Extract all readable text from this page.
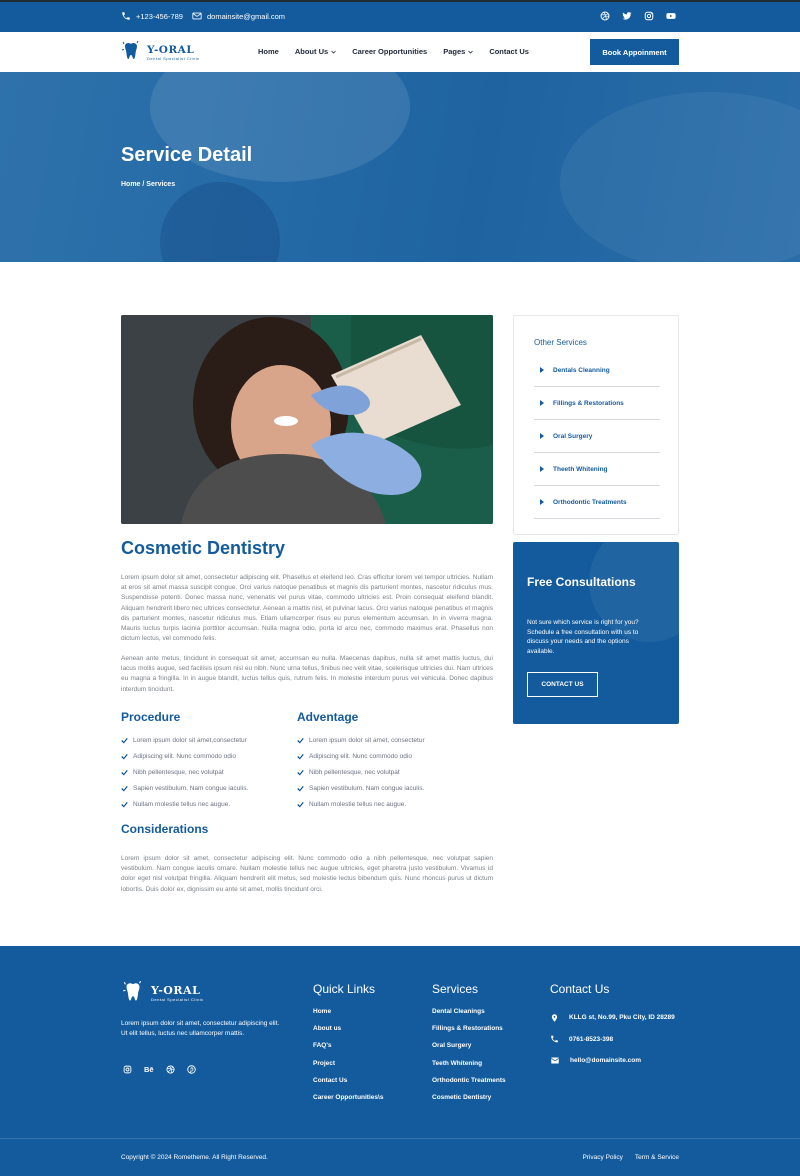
+123-456-789	domainsite@gmail.com
Y-ORAL
Dental Specialist Clinic
Home About Us	Career Opportunities Pages	Contact Us	Book Appoinment
Service Detail
Home / Services
Cosmetic Dentistry
Lorem ipsum dolor sit amet, consectetur adipiscing elit. Phasellus et eleifend leo. Cras efficitur lorem vel tempor ultricies. Nullam at eros sit amet massa suscipit congue. Orci varius natoque penatibus et magnis dis parturient montes, nascetur ridiculus mus. Suspendisse potenti. Donec massa nunc, venenatis vel purus vitae, commodo ultricies est. Proin consequat eleifend blandit. Aliquam hendrerit libero nec ultrices consectetur. Aenean a mattis nisl, et pulvinar lacus. Orci varius natoque penatibus et magnis dis parturient montes, nascetur ridiculus mus. Etiam ullamcorper risus eu purus elementum accumsan. In in viverra magna. Mauris luctus turpis lacinia porttitor accumsan. Nulla magna odio, porta id arcu nec, commodo maximus erat. Phasellus non dictum lectus, vel commodo felis.
Aenean ante metus, tincidunt in consequat sit amet, accumsan eu nulla. Maecenas dapibus, nulla sit amet mattis luctus, dui lacus mollis augue, sed facilisis ipsum nisl eu nibh. Nunc urna tellus, finibus nec velit vitae, scelerisque ultricies dui. Nam ultrices eu magna a fringilla. In in augue blandit, luctus tellus quis, rutrum felis. In molestie interdum purus vel vehicula. Donec dapibus interdum tincidunt.
Procedure
Lorem ipsum dolor sit amet,consectetur
Adipiscing elit. Nunc commodo odio
Nibh pellentesque, nec volutpat
Sapien vestibulum. Nam congue iaculis.
Nullam molestie tellus nec augue.
Adventage
Lorem ipsum dolor sit amet, consectetur
Adipiscing elit. Nunc commodo odio
Nibh pellentesque, nec volutpat
Sapien vestibulum. Nam congue iaculis.
Nullam molestie tellus nec augue.
Considerations
Lorem ipsum dolor sit amet, consectetur adipiscing elit. Nunc commodo odio a nibh pellentesque, nec volutpat sapien vestibulum. Nam congue iaculis ornare. Nullam molestie tellus nec augue ultricies, eget pharetra justo vestibulum. Vivamus id dolor eget nisl volutpat fringilla. Aliquam hendrerit elit metus, sed molestie lectus bibendum quis. Nunc rhoncus purus ut dictum lobortis. Duis dolor ex, dignissim eu ante sit amet, mollis tincidunt orci.
Other Services
Dentals Cleanning
Fillings & Restorations
Oral Surgery
Theeth Whitening
Orthodontic Treatments
Free Consultations
Not sure which service is right for you? Schedule a free consultation with us to discuss your needs and the options available.
CONTACT US
Y-ORAL
Dental Specialist Clinic
Lorem ipsum dolor sit amet, consectetur adipiscing elit. Ut elit tellus, luctus nec ullamcorper mattis.
Bē
Quick Links
Home
About us
FAQ's
Project
Contact Us
Career Opportunities\s
Services
Dental Cleanings
Fillings & Restorations
Oral Surgery
Teeth Whitening
Orthodontic Treatments
Cosmetic Dentistry
Contact Us
KLLG st, No.99, Pku City, ID 28289
0761-8523-398
hello@domainsite.com
Copyright © 2024 Rometheme. All Right Reserved.	Privacy Policy Term & Service
